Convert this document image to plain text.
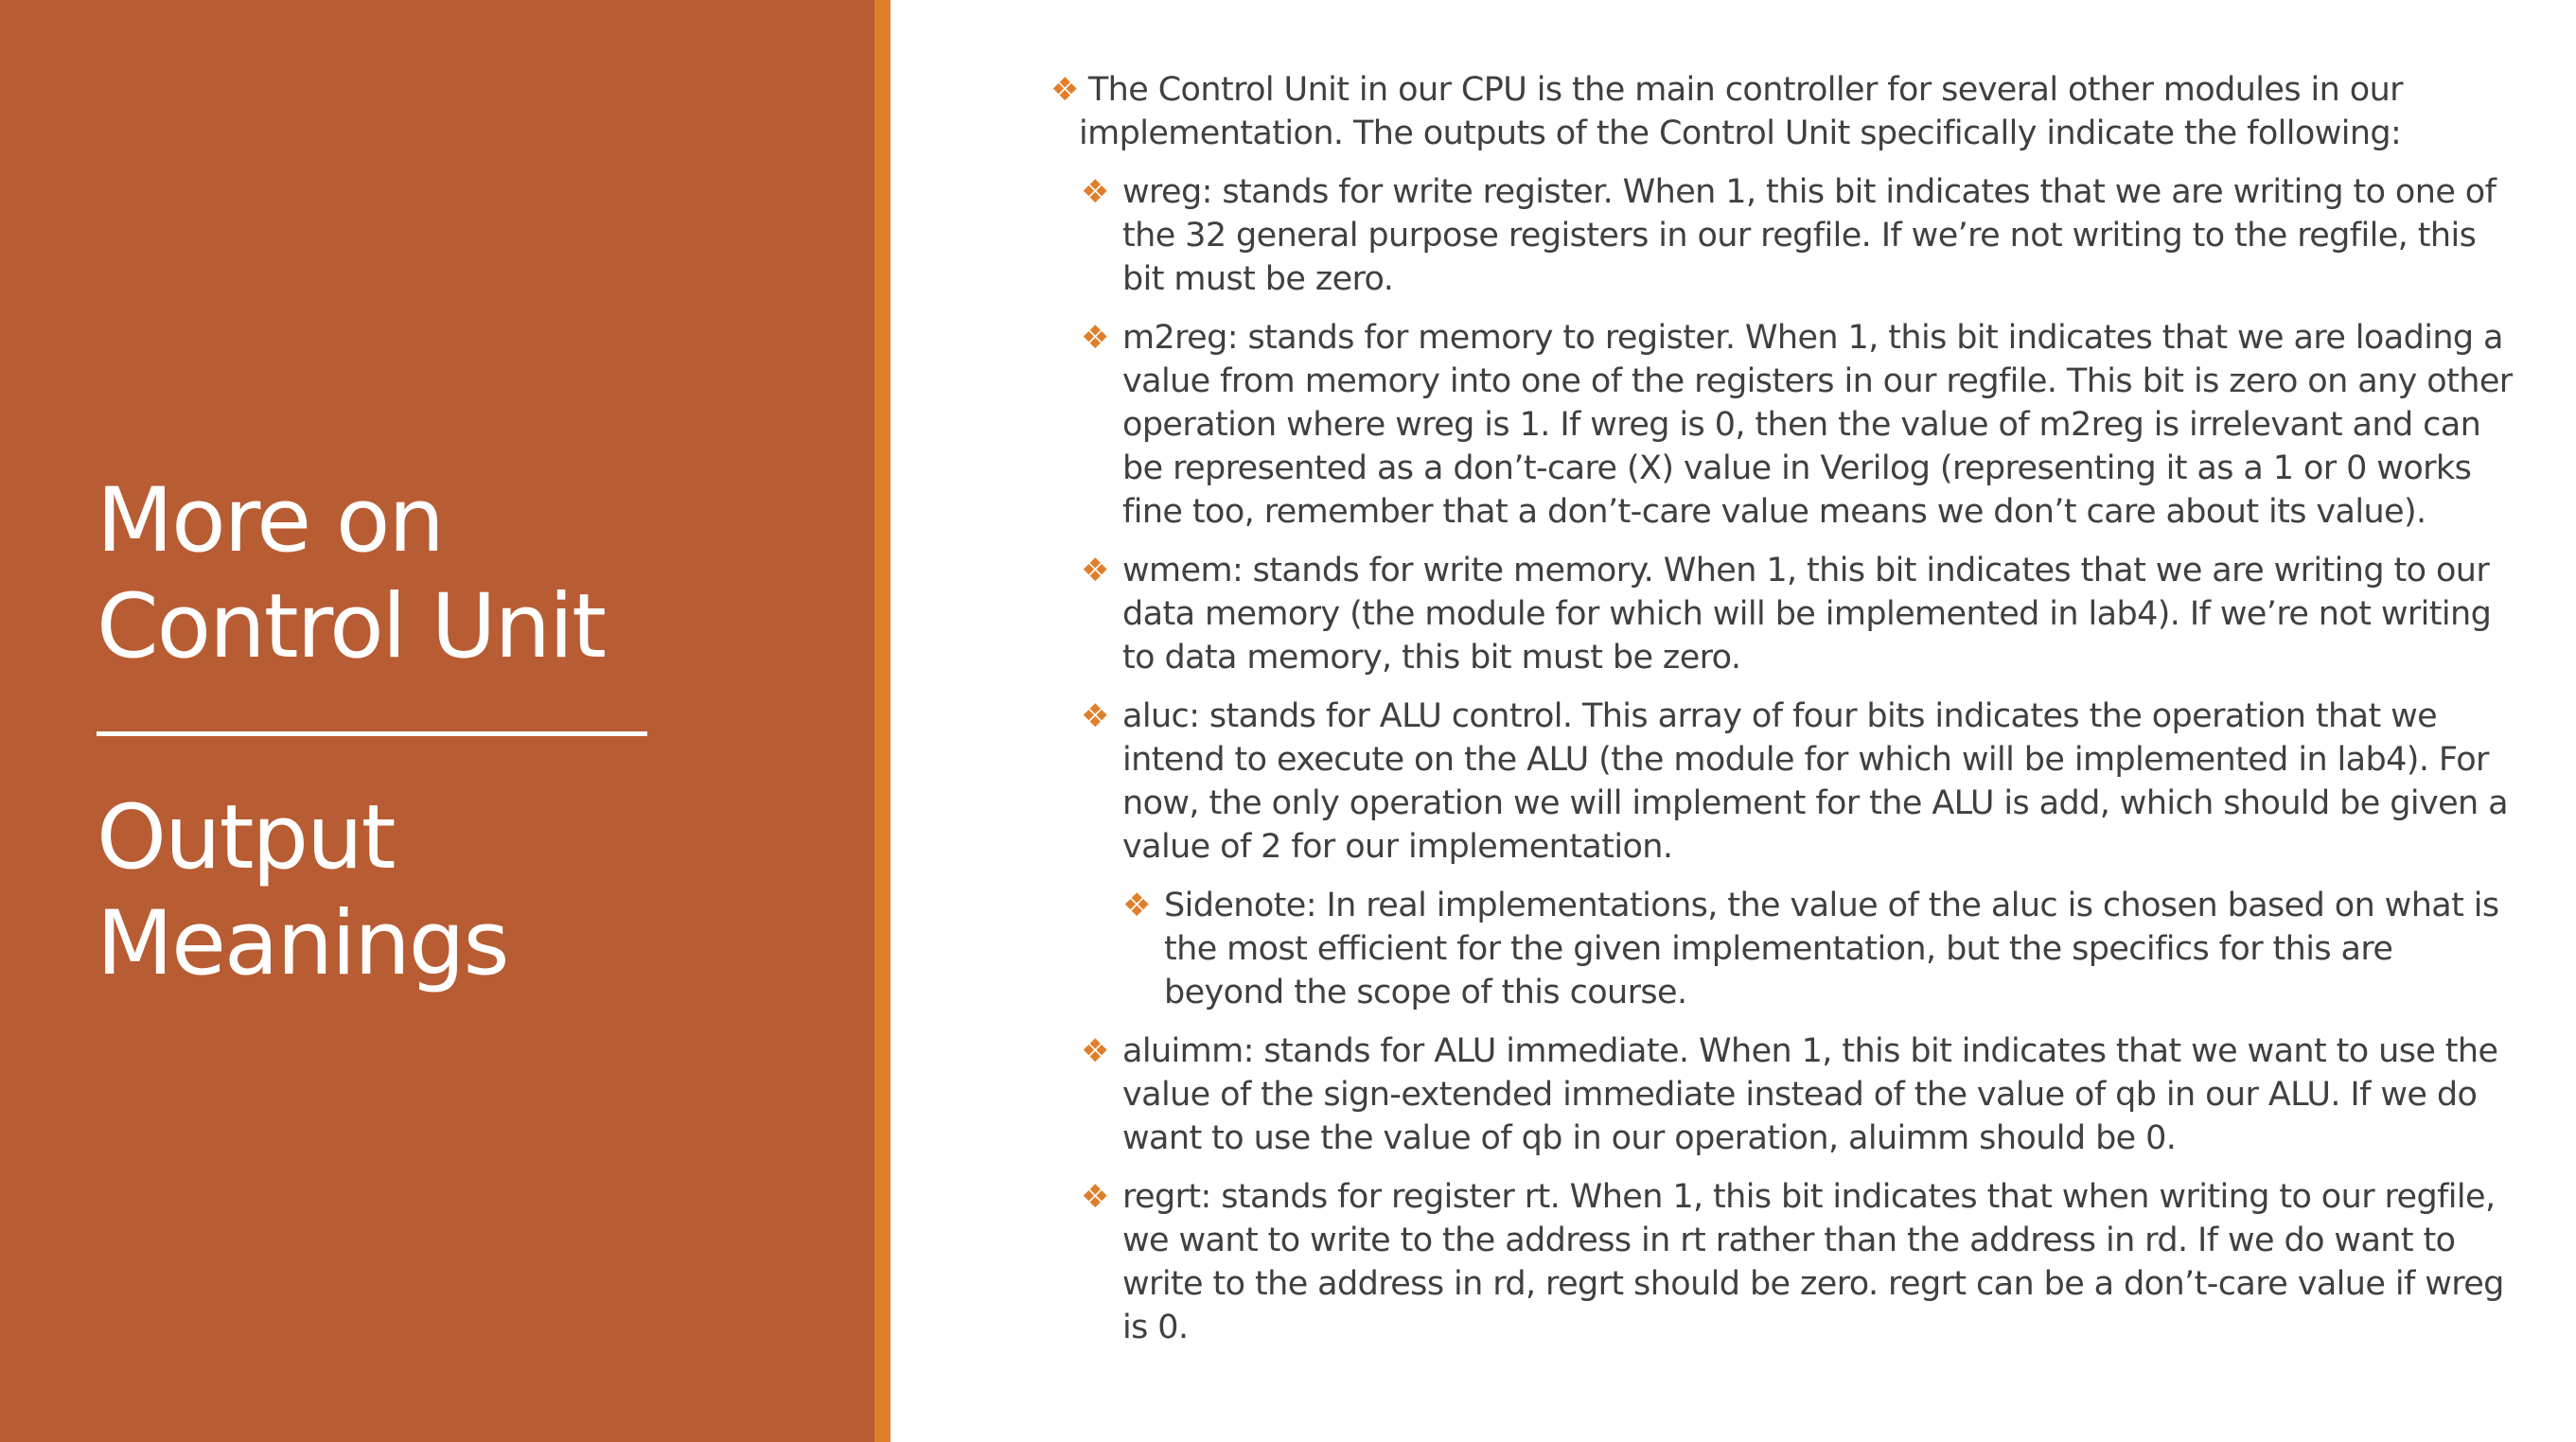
More on
Control Unit
Output
Meanings

❖ The Control Unit in our CPU is the main controller for several other modules in our implementation. The outputs of the Control Unit specifically indicate the following:

❖ wreg: stands for write register. When 1, this bit indicates that we are writing to one of the 32 general purpose registers in our regfile. If we’re not writing to the regfile, this bit must be zero.

❖ m2reg: stands for memory to register. When 1, this bit indicates that we are loading a value from memory into one of the registers in our regfile. This bit is zero on any other operation where wreg is 1. If wreg is 0, then the value of m2reg is irrelevant and can be represented as a don’t-care (X) value in Verilog (representing it as a 1 or 0 works fine too, remember that a don’t-care value means we don’t care about its value).

❖ wmem: stands for write memory. When 1, this bit indicates that we are writing to our data memory (the module for which will be implemented in lab4). If we’re not writing to data memory, this bit must be zero.

❖ aluc: stands for ALU control. This array of four bits indicates the operation that we intend to execute on the ALU (the module for which will be implemented in lab4). For now, the only operation we will implement for the ALU is add, which should be given a value of 2 for our implementation.

❖ Sidenote: In real implementations, the value of the aluc is chosen based on what is the most efficient for the given implementation, but the specifics for this are beyond the scope of this course.

❖ aluimm: stands for ALU immediate. When 1, this bit indicates that we want to use the value of the sign-extended immediate instead of the value of qb in our ALU. If we do want to use the value of qb in our operation, aluimm should be 0.

❖ regrt: stands for register rt. When 1, this bit indicates that when writing to our regfile, we want to write to the address in rt rather than the address in rd. If we do want to write to the address in rd, regrt should be zero. regrt can be a don’t-care value if wreg is 0.
